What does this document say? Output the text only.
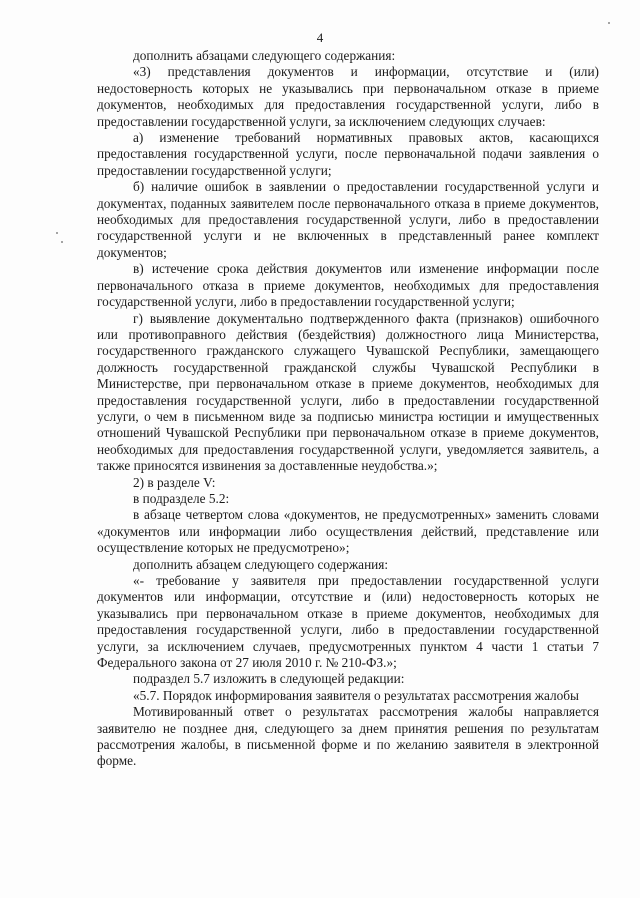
4

дополнить абзацами следующего содержания:

«3) представления документов и информации, отсутствие и (или) недостоверность которых не указывались при первоначальном отказе в приеме документов, необходимых для предоставления государственной услуги, либо в предоставлении государственной услуги, за исключением следующих случаев:

а) изменение требований нормативных правовых актов, касающихся предоставления государственной услуги, после первоначальной подачи заявления о предоставлении государственной услуги;

б) наличие ошибок в заявлении о предоставлении государственной услуги и документах, поданных заявителем после первоначального отказа в приеме документов, необходимых для предоставления государственной услуги, либо в предоставлении государственной услуги и не включенных в представленный ранее комплект документов;

в) истечение срока действия документов или изменение информации после первоначального отказа в приеме документов, необходимых для предоставления государственной услуги, либо в предоставлении государственной услуги;

г) выявление документально подтвержденного факта (признаков) ошибочного или противоправного действия (бездействия) должностного лица Министерства, государственного гражданского служащего Чувашской Республики, замещающего должность государственной гражданской службы Чувашской Республики в Министерстве, при первоначальном отказе в приеме документов, необходимых для предоставления государственной услуги, либо в предоставлении государственной услуги, о чем в письменном виде за подписью министра юстиции и имущественных отношений Чувашской Республики при первоначальном отказе в приеме документов, необходимых для предоставления государственной услуги, уведомляется заявитель, а также приносятся извинения за доставленные неудобства.»;

2) в разделе V:

в подразделе 5.2:

в абзаце четвертом слова «документов, не предусмотренных» заменить словами «документов или информации либо осуществления действий, представление или осуществление которых не предусмотрено»;

дополнить абзацем следующего содержания:

«- требование у заявителя при предоставлении государственной услуги документов или информации, отсутствие и (или) недостоверность которых не указывались при первоначальном отказе в приеме документов, необходимых для предоставления государственной услуги, либо в предоставлении государственной услуги, за исключением случаев, предусмотренных пунктом 4 части 1 статьи 7 Федерального закона от 27 июля 2010 г. № 210-ФЗ.»;

подраздел 5.7 изложить в следующей редакции:

«5.7. Порядок информирования заявителя о результатах рассмотрения жалобы

Мотивированный ответ о результатах рассмотрения жалобы направляется заявителю не позднее дня, следующего за днем принятия решения по результатам рассмотрения жалобы, в письменной форме и по желанию заявителя в электронной форме.
